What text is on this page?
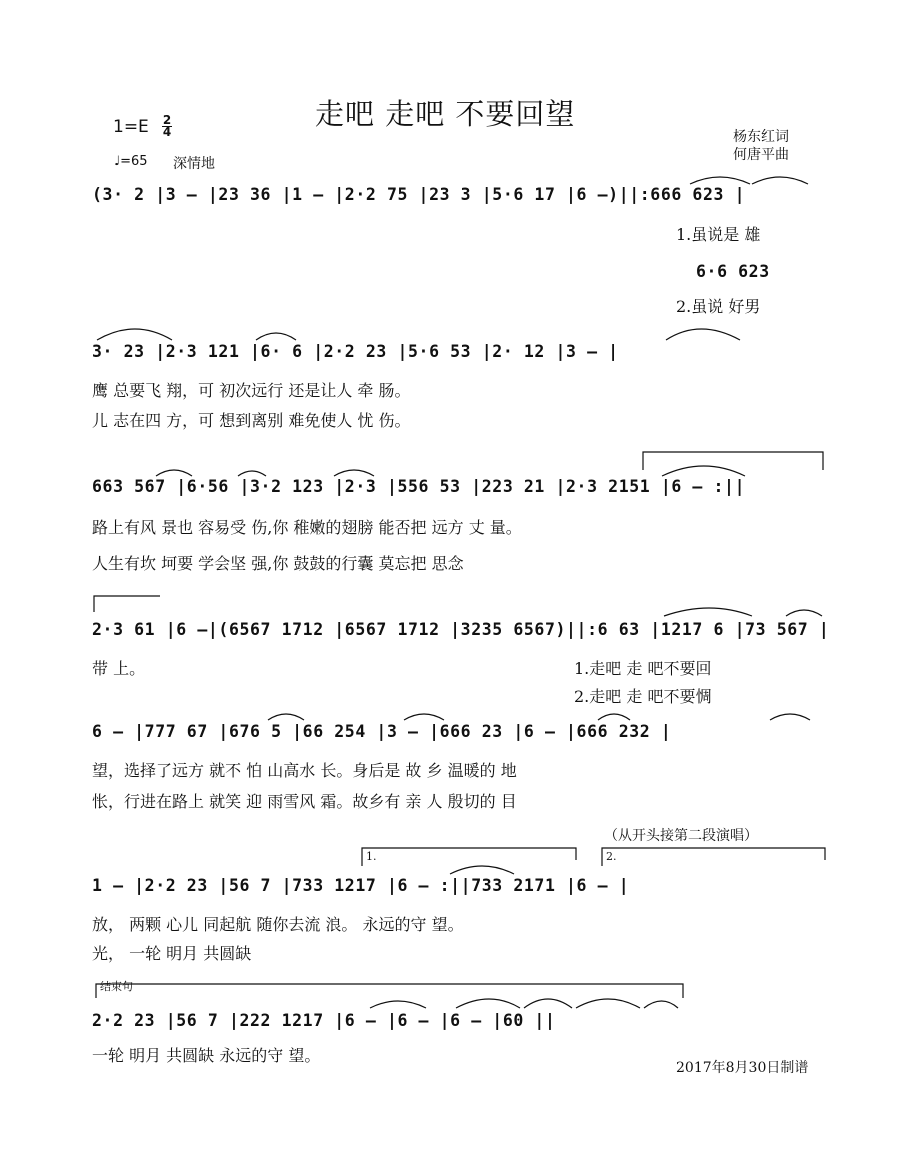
走吧 走吧 不要回望
1=E	2
4
♩=65 深情地
杨东红词
何唐平曲
(3· 2 |3 – |23 36 |1 – |2·2 75 |23 3 |5·6 17 |6 –)||:666 623 |
1.虽说是 雄
6·6 623
2.虽说 好男
3· 23 |2·3 121 |6· 6 |2·2 23 |5·6 53 |2· 12 |3 – |
鹰 总要飞 翔，可 初次远行 还是让人 牵 肠。
儿 志在四 方，可 想到离别 难免使人 忧 伤。
663 567 |6·56 |3·2 123 |2·3 |556 53 |223 21 |2·3 2151 |6 – :||
路上有风 景也 容易受 伤,你 稚嫩的翅膀 能否把 远方 丈 量。
人生有坎 坷要 学会坚 强,你 鼓鼓的行囊 莫忘把 思念
2·3 61 |6 –|(6567 1712 |6567 1712 |3235 6567)||:6 63 |1217 6 |73 567 |
带 上。	1.走吧 走 吧不要回
2.走吧 走 吧不要惆
6 – |777 67 |676 5 |66 254 |3 – |666 23 |6 – |666 232 |
望，选择了远方 就不 怕 山高水 长。身后是 故 乡 温暖的 地
怅，行进在路上 就笑 迎 雨雪风 霜。故乡有 亲 人 殷切的 目
（从开头接第二段演唱）
1.	2.
1 – |2·2 23 |56 7 |733 1217 |6 – :||733 2171 |6 – |
放， 两颗 心儿 同起航 随你去流 浪。 永远的守 望。
光， 一轮 明月 共圆缺
结束句
2·2 23 |56 7 |222 1217 |6 – |6 – |6 – |60 ||
一轮 明月 共圆缺 永远的守 望。
2017年8月30日制谱
